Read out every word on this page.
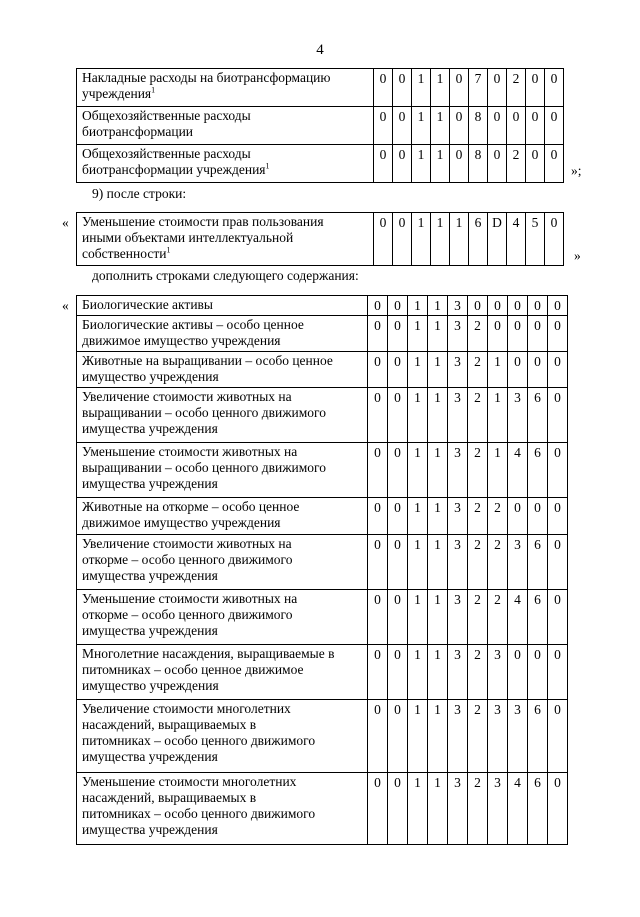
4
Накладные расходы на биотрансформацию
учреждения$^1$	0	0	1	1	0	7	0	2	0	0
Общехозяйственные расходы
биотрансформации	0	0	1	1	0	8	0	0	0	0
Общехозяйственные расходы
биотрансформации учреждения$^1$	0	0	1	1	0	8	0	2	0	0
»;
9) после строки:
« Уменьшение стоимости прав пользования
иными объектами интеллектуальной
собственности$^1$	0	0	1	1	1	6	D	4	5	0
»
дополнить строками следующего содержания:
« Биологические активы	0	0	1	1	3	0	0	0	0	0
Биологические активы – особо ценное
движимое имущество учреждения	0	0	1	1	3	2	0	0	0	0
Животные на выращивании – особо ценное
имущество учреждения	0	0	1	1	3	2	1	0	0	0
Увеличение стоимости животных на
выращивании – особо ценного движимого
имущества учреждения	0	0	1	1	3	2	1	3	6	0
Уменьшение стоимости животных на
выращивании – особо ценного движимого
имущества учреждения	0	0	1	1	3	2	1	4	6	0
Животные на откорме – особо ценное
движимое имущество учреждения	0	0	1	1	3	2	2	0	0	0
Увеличение стоимости животных на
откорме – особо ценного движимого
имущества учреждения	0	0	1	1	3	2	2	3	6	0
Уменьшение стоимости животных на
откорме – особо ценного движимого
имущества учреждения	0	0	1	1	3	2	2	4	6	0
Многолетние насаждения, выращиваемые в
питомниках – особо ценное движимое
имущество учреждения	0	0	1	1	3	2	3	0	0	0
Увеличение стоимости многолетних
насаждений, выращиваемых в
питомниках – особо ценного движимого
имущества учреждения	0	0	1	1	3	2	3	3	6	0
Уменьшение стоимости многолетних
насаждений, выращиваемых в
питомниках – особо ценного движимого
имущества учреждения	0	0	1	1	3	2	3	4	6	0
